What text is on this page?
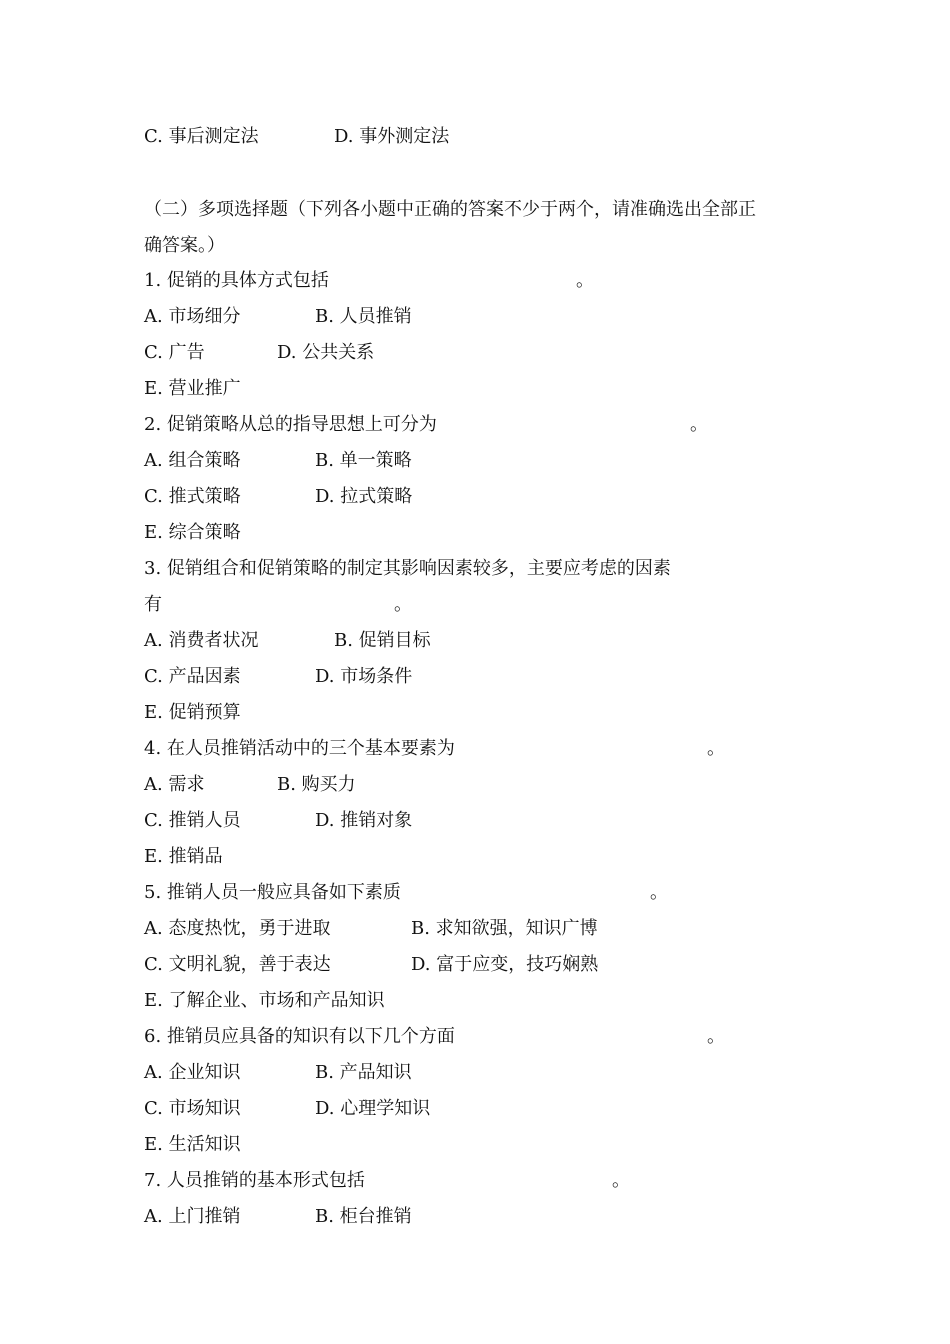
C. 事后测定法	D. 事外测定法
（二）多项选择题（下列各小题中正确的答案不少于两个，请准确选出全部正
确答案。）
1. 促销的具体方式包括	。
A. 市场细分	B. 人员推销
C. 广告	D. 公共关系
E. 营业推广
2. 促销策略从总的指导思想上可分为	。
A. 组合策略	B. 单一策略
C. 推式策略	D. 拉式策略
E. 综合策略
3. 促销组合和促销策略的制定其影响因素较多，主要应考虑的因素
有	。
A. 消费者状况	B. 促销目标
C. 产品因素	D. 市场条件
E. 促销预算
4. 在人员推销活动中的三个基本要素为	。
A. 需求	B. 购买力
C. 推销人员	D. 推销对象
E. 推销品
5. 推销人员一般应具备如下素质	。
A. 态度热忱，勇于进取	B. 求知欲强，知识广博
C. 文明礼貌，善于表达	D. 富于应变，技巧娴熟
E. 了解企业、市场和产品知识
6. 推销员应具备的知识有以下几个方面	。
A. 企业知识	B. 产品知识
C. 市场知识	D. 心理学知识
E. 生活知识
7. 人员推销的基本形式包括	。
A. 上门推销	B. 柜台推销
